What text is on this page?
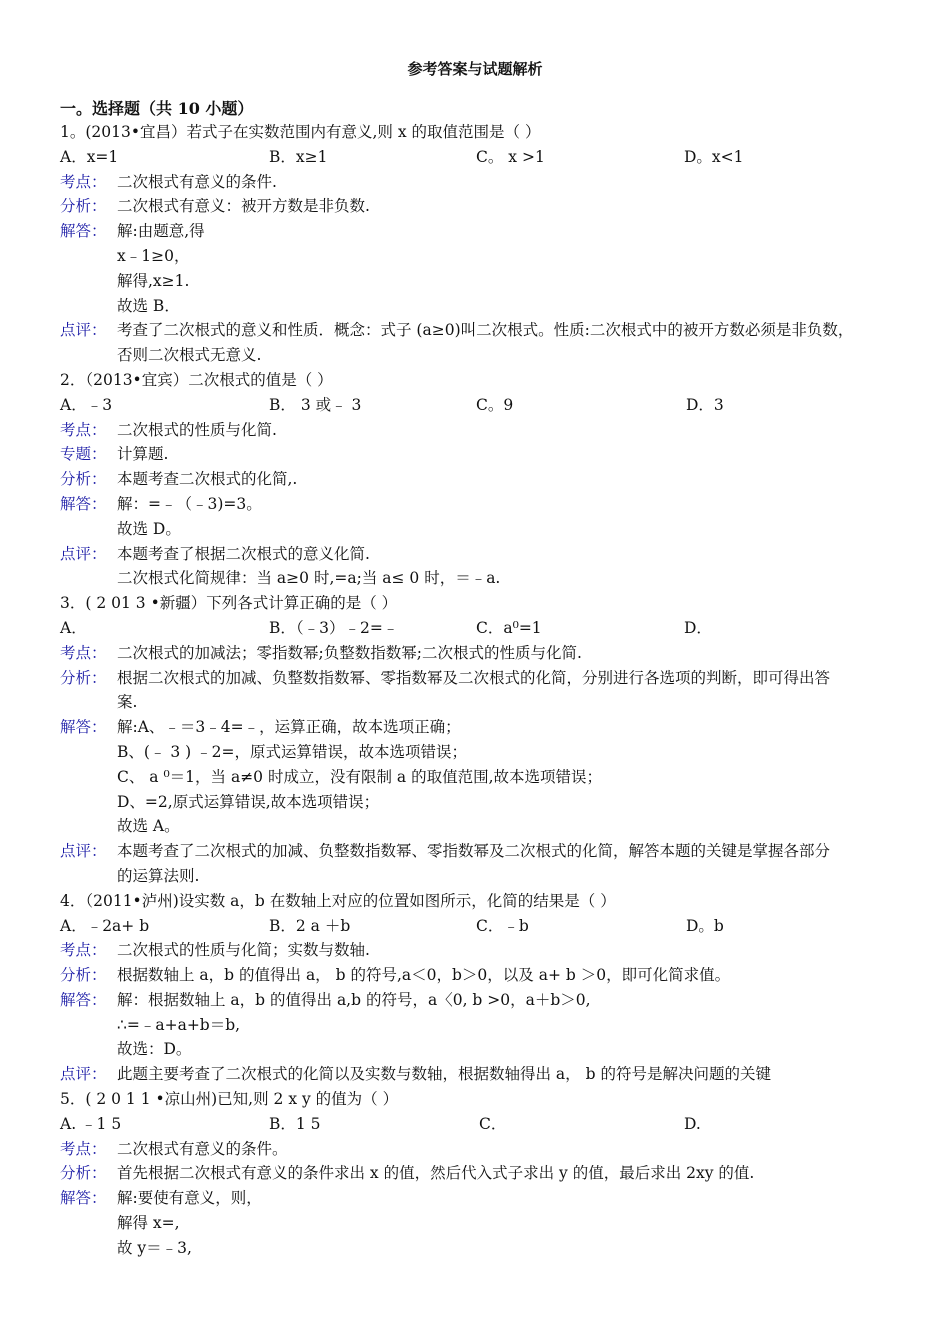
参考答案与试题解析
一。选择题（共 10 小题）
1。(2013•宜昌）若式子在实数范围内有意义,则 x 的取值范围是（ ）
A．x=1	B．x≥1	C。 x >1	D。x<1
考点： 二次根式有意义的条件.
分析： 二次根式有意义：被开方数是非负数.
解答： 解:由题意,得
x﹣1≥0，
解得,x≥1.
故选 B．
点评： 考查了二次根式的意义和性质．概念：式子 (a≥0)叫二次根式。性质:二次根式中的被开方数必须是非负数，
否则二次根式无意义.
2．（2013•宜宾）二次根式的值是（ ）
A．﹣3	B． 3 或﹣ 3	C。9	D．3
考点： 二次根式的性质与化简.
专题： 计算题.
分析： 本题考查二次根式的化简,.
解答： 解：=﹣（﹣3)=3。
故选 D。
点评： 本题考查了根据二次根式的意义化简.
二次根式化简规律：当 a≥0 时,=a;当 a≤ 0 时，＝﹣a.
3．( 2 01 3 •新疆）下列各式计算正确的是（ ）
A．	B．（﹣3）﹣2=﹣	C．a⁰=1	D．
考点： 二次根式的加减法；零指数幂;负整数指数幂;二次根式的性质与化简.
分析： 根据二次根式的加减、负整数指数幂、零指数幂及二次根式的化简，分别进行各选项的判断，即可得出答
案.
解答： 解:A、﹣＝3﹣4=﹣，运算正确，故本选项正确；
B、(﹣ 3 ) ﹣2=，原式运算错误，故本选项错误；
C、 a ⁰＝1，当 a≠0 时成立，没有限制 a 的取值范围,故本选项错误；
D、=2,原式运算错误,故本选项错误；
故选 A。
点评： 本题考查了二次根式的加减、负整数指数幂、零指数幂及二次根式的化简，解答本题的关键是掌握各部分
的运算法则.
4．（2011•泸州)设实数 a，b 在数轴上对应的位置如图所示，化简的结果是（ ）
A．﹣2a+ b	B．2 a ＋b	C．﹣b	D。b
考点： 二次根式的性质与化简；实数与数轴.
分析： 根据数轴上 a，b 的值得出 a， b 的符号,a＜0，b＞0，以及 a+ b ＞0，即可化简求值。
解答： 解：根据数轴上 a，b 的值得出 a,b 的符号，a〈0, b >0，a＋b＞0,
∴=﹣a+a+b＝b,
故选：D。
点评： 此题主要考查了二次根式的化简以及实数与数轴，根据数轴得出 a， b 的符号是解决问题的关键
5．( 2 0 1 1 •凉山州)已知,则 2 x y 的值为（ ）
A. ﹣1 5	B．1 5	C．	D.
考点： 二次根式有意义的条件。
分析： 首先根据二次根式有意义的条件求出 x 的值，然后代入式子求出 y 的值，最后求出 2xy 的值.
解答： 解:要使有意义，则，
解得 x=,
故 y＝﹣3,
